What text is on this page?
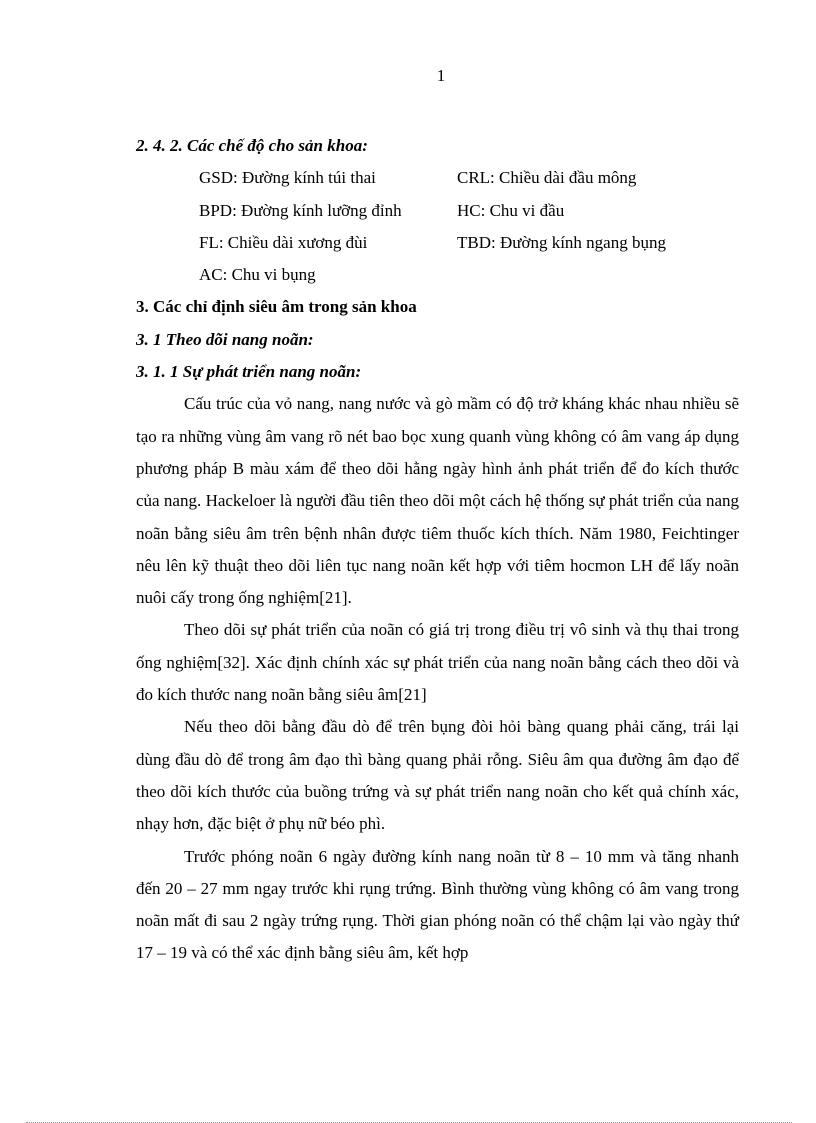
1
2. 4. 2. Các chế độ cho sản khoa:
GSD: Đường kính túi thai	CRL: Chiều dài đầu mông
BPD: Đường kính lưỡng đỉnh	HC: Chu vi đầu
FL: Chiều dài xương đùi	TBD: Đường kính ngang bụng
AC: Chu vi bụng
3. Các chỉ định siêu âm trong sản khoa
3. 1 Theo dõi nang noãn:
3. 1. 1 Sự phát triển nang noãn:

Cấu trúc của vỏ nang, nang nước và gò mầm có độ trở kháng khác nhau nhiều sẽ tạo ra những vùng âm vang rõ nét bao bọc xung quanh vùng không có âm vang áp dụng phương pháp B màu xám để theo dõi hằng ngày hình ảnh phát triển để đo kích thước của nang. Hackeloer là người đầu tiên theo dõi một cách hệ thống sự phát triển của nang noãn bằng siêu âm trên bệnh nhân được tiêm thuốc kích thích. Năm 1980, Feichtinger nêu lên kỹ thuật theo dõi liên tục nang noãn kết hợp với tiêm hocmon LH để lấy noãn nuôi cấy trong ống nghiệm[21].

Theo dõi sự phát triển của noãn có giá trị trong điều trị vô sinh và thụ thai trong ống nghiệm[32]. Xác định chính xác sự phát triển của nang noãn bằng cách theo dõi và đo kích thước nang noãn bằng siêu âm[21]

Nếu theo dõi bằng đầu dò để trên bụng đòi hỏi bàng quang phải căng, trái lại dùng đầu dò để trong âm đạo thì bàng quang phải rỗng. Siêu âm qua đường âm đạo để theo dõi kích thước của buồng trứng và sự phát triển nang noãn cho kết quả chính xác, nhạy hơn, đặc biệt ở phụ nữ béo phì.

Trước phóng noãn 6 ngày đường kính nang noãn từ 8 – 10 mm và tăng nhanh đến 20 – 27 mm ngay trước khi rụng trứng. Bình thường vùng không có âm vang trong noãn mất đi sau 2 ngày trứng rụng. Thời gian phóng noãn có thể chậm lại vào ngày thứ 17 – 19 và có thể xác định bằng siêu âm, kết hợp
